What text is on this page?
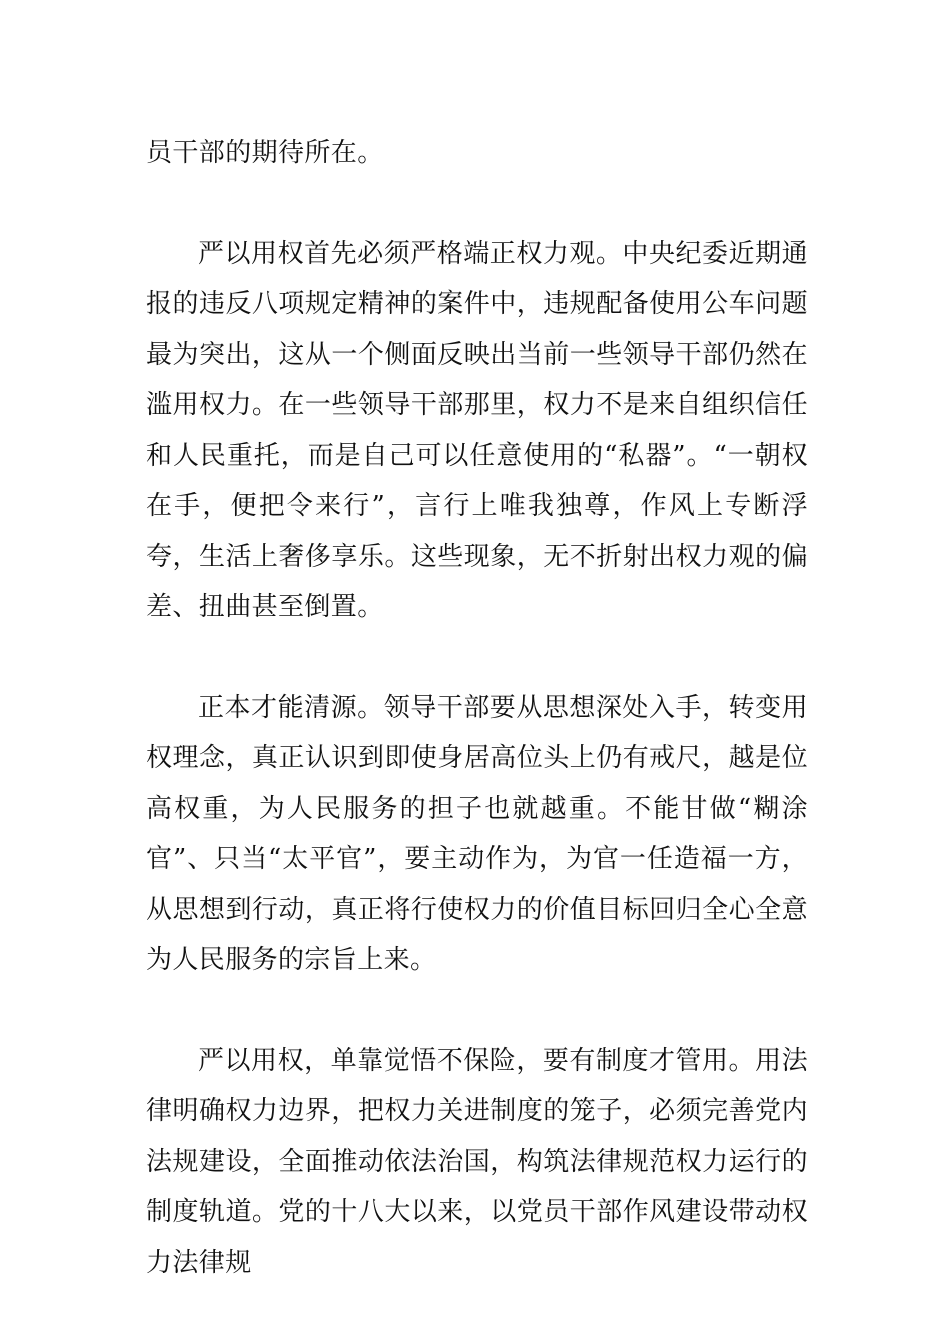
员干部的期待所在。

严以用权首先必须严格端正权力观。中央纪委近期通报的违反八项规定精神的案件中，违规配备使用公车问题最为突出，这从一个侧面反映出当前一些领导干部仍然在滥用权力。在一些领导干部那里，权力不是来自组织信任和人民重托，而是自己可以任意使用的“私器”。“一朝权在手，便把令来行”，言行上唯我独尊，作风上专断浮夸，生活上奢侈享乐。这些现象，无不折射出权力观的偏差、扭曲甚至倒置。

正本才能清源。领导干部要从思想深处入手，转变用权理念，真正认识到即使身居高位头上仍有戒尺，越是位高权重，为人民服务的担子也就越重。不能甘做“糊涂官”、只当“太平官”，要主动作为，为官一任造福一方，从思想到行动，真正将行使权力的价值目标回归全心全意为人民服务的宗旨上来。

严以用权，单靠觉悟不保险，要有制度才管用。用法律明确权力边界，把权力关进制度的笼子，必须完善党内法规建设，全面推动依法治国，构筑法律规范权力运行的制度轨道。党的十八大以来，以党员干部作风建设带动权力法律规
